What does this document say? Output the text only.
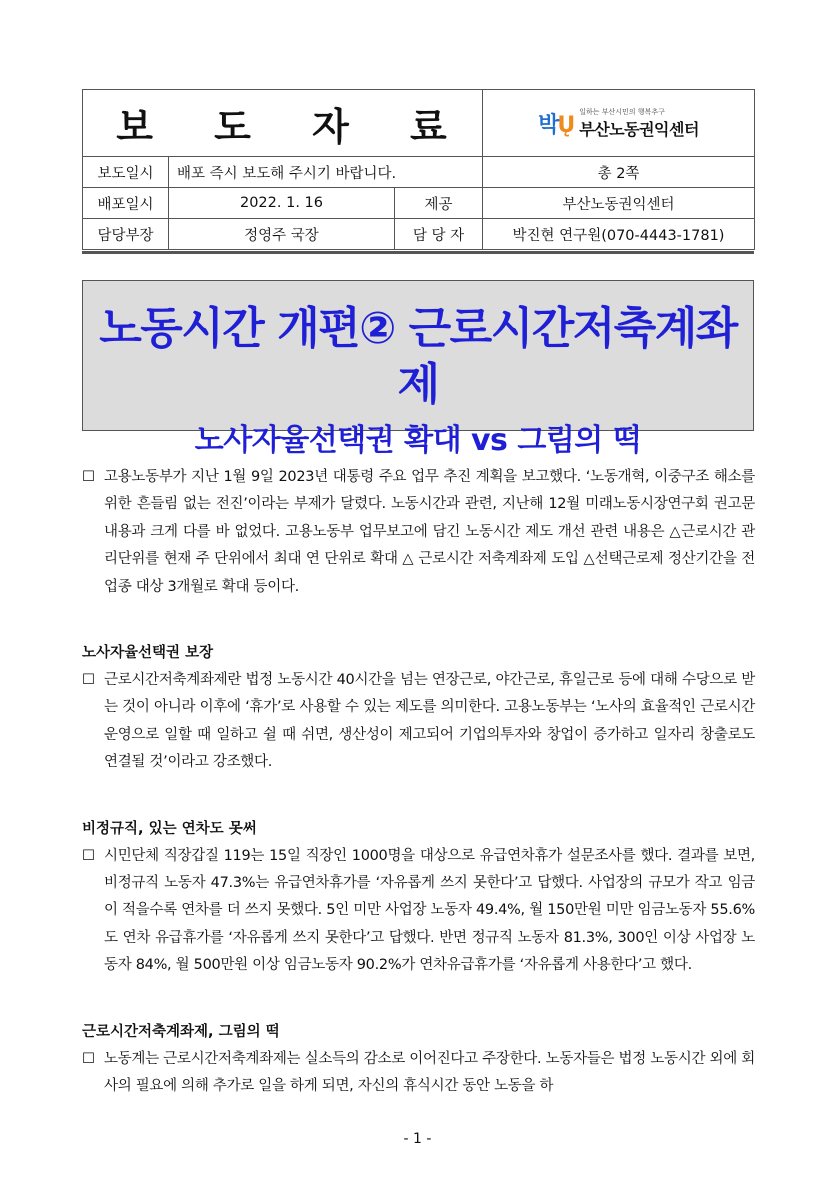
보 도 자 료			박Ų
일하는 부산시민의 행복추구
부산노동권익센터

보도일시	배포 즉시 보도해 주시기 바랍니다.		총 2쪽
배포일시	2022. 1. 16	제공	부산노동권익센터
담당부장	정영주 국장	담 당 자	박진현 연구원(070-4443-1781)
노동시간 개편② 근로시간저축계좌제
노사자율선택권 확대 vs 그림의 떡
☐ 고용노동부가 지난 1월 9일 2023년 대통령 주요 업무 추진 계획을 보고했다. ‘노동개혁, 이중구조 해소를 위한 흔들림 없는 전진’이라는 부제가 달렸다. 노동시간과 관련, 지난해 12월 미래노동시장연구회 권고문 내용과 크게 다를 바 없었다. 고용노동부 업무보고에 담긴 노동시간 제도 개선 관련 내용은 △근로시간 관리단위를 현재 주 단위에서 최대 연 단위로 확대 △ 근로시간 저축계좌제 도입 △선택근로제 정산기간을 전 업종 대상 3개월로 확대 등이다.
노사자율선택권 보장
☐ 근로시간저축계좌제란 법정 노동시간 40시간을 넘는 연장근로, 야간근로, 휴일근로 등에 대해 수당으로 받는 것이 아니라 이후에 ‘휴가’로 사용할 수 있는 제도를 의미한다. 고용노동부는 ‘노사의 효율적인 근로시간 운영으로 일할 때 일하고 쉴 때 쉬면, 생산성이 제고되어 기업의투자와 창업이 증가하고 일자리 창출로도 연결될 것’이라고 강조했다.
비정규직, 있는 연차도 못써
☐ 시민단체 직장갑질 119는 15일 직장인 1000명을 대상으로 유급연차휴가 설문조사를 했다. 결과를 보면, 비정규직 노동자 47.3%는 유급연차휴가를 ‘자유롭게 쓰지 못한다’고 답했다. 사업장의 규모가 작고 임금이 적을수록 연차를 더 쓰지 못했다. 5인 미만 사업장 노동자 49.4%, 월 150만원 미만 임금노동자 55.6%도 연차 유급휴가를 ‘자유롭게 쓰지 못한다’고 답했다. 반면 정규직 노동자 81.3%, 300인 이상 사업장 노동자 84%, 월 500만원 이상 임금노동자 90.2%가 연차유급휴가를 ‘자유롭게 사용한다’고 했다.
근로시간저축계좌제, 그림의 떡
☐ 노동계는 근로시간저축계좌제는 실소득의 감소로 이어진다고 주장한다. 노동자들은 법정 노동시간 외에 회사의 필요에 의해 추가로 일을 하게 되면, 자신의 휴식시간 동안 노동을 하
- 1 -
